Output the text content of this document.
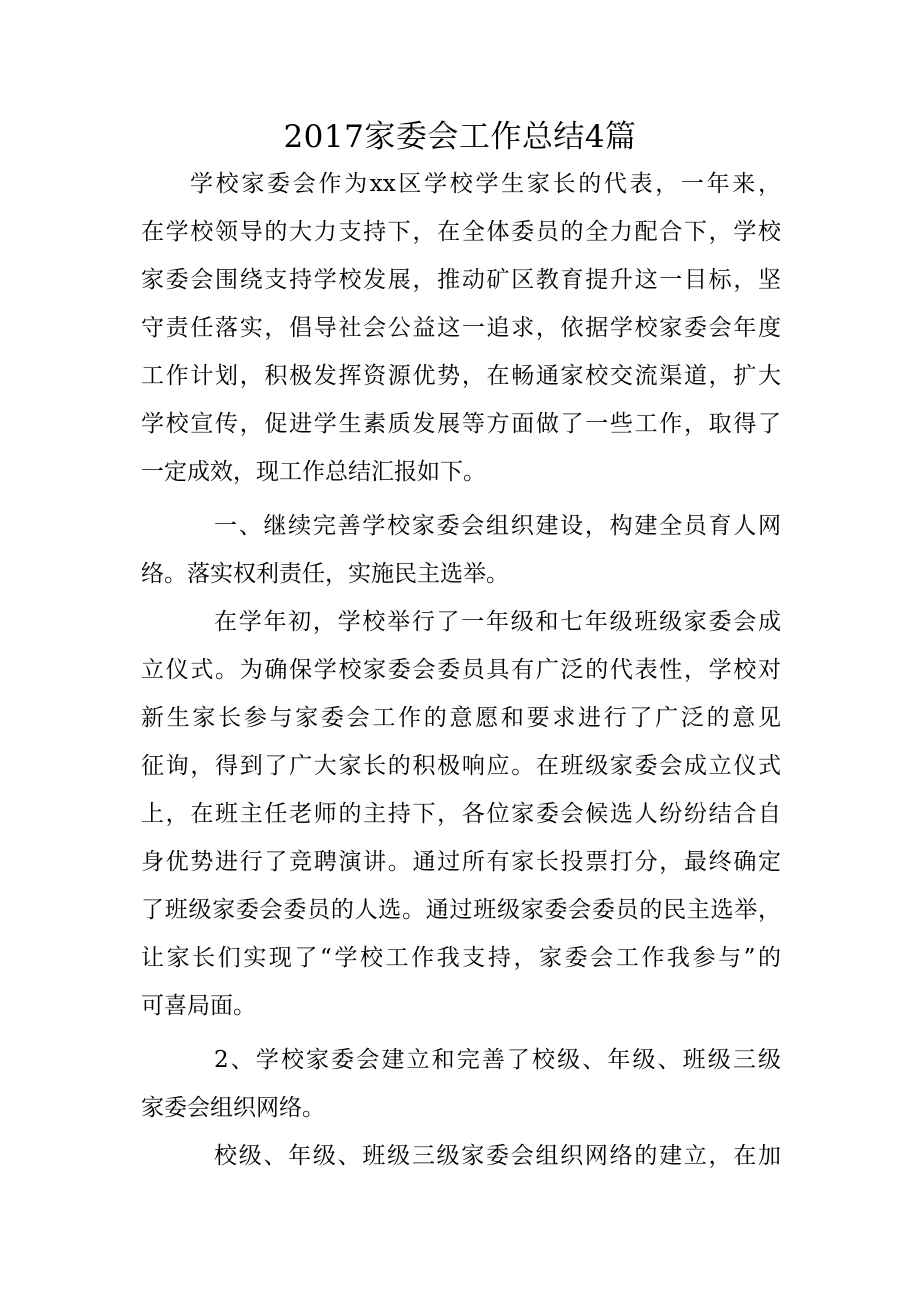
2017家委会工作总结4篇
学校家委会作为xx区学校学生家长的代表，一年来，
在学校领导的大力支持下，在全体委员的全力配合下，学校
家委会围绕支持学校发展，推动矿区教育提升这一目标，坚
守责任落实，倡导社会公益这一追求，依据学校家委会年度
工作计划，积极发挥资源优势，在畅通家校交流渠道，扩大
学校宣传，促进学生素质发展等方面做了一些工作，取得了
一定成效，现工作总结汇报如下。
一、继续完善学校家委会组织建设，构建全员育人网
络。落实权利责任，实施民主选举。
在学年初，学校举行了一年级和七年级班级家委会成
立仪式。为确保学校家委会委员具有广泛的代表性，学校对
新生家长参与家委会工作的意愿和要求进行了广泛的意见
征询，得到了广大家长的积极响应。在班级家委会成立仪式
上，在班主任老师的主持下，各位家委会候选人纷纷结合自
身优势进行了竞聘演讲。通过所有家长投票打分，最终确定
了班级家委会委员的人选。通过班级家委会委员的民主选举，
让家长们实现了“学校工作我支持，家委会工作我参与”的
可喜局面。
2、学校家委会建立和完善了校级、年级、班级三级
家委会组织网络。
校级、年级、班级三级家委会组织网络的建立，在加
